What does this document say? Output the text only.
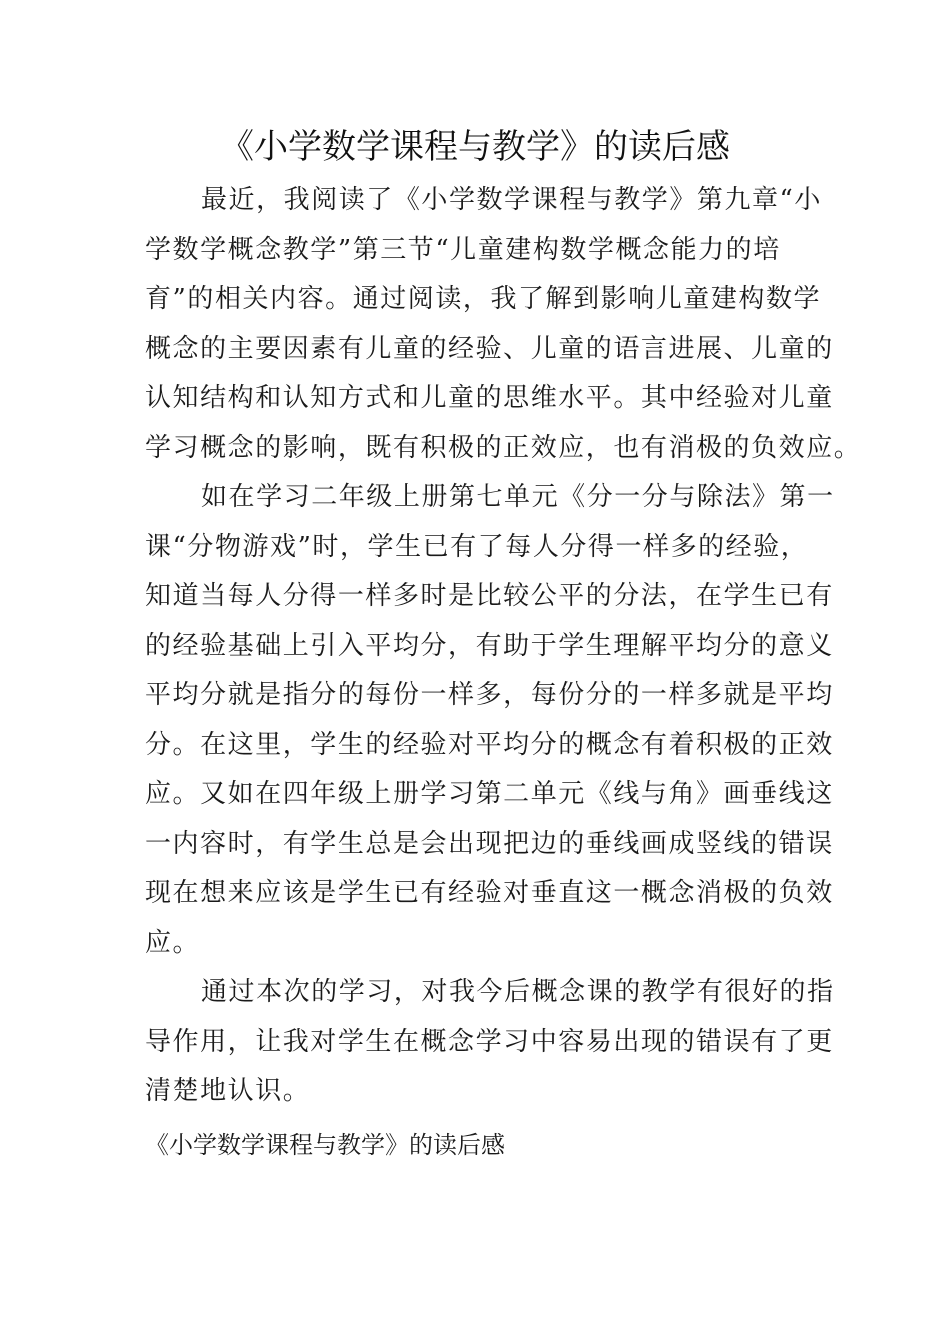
《小学数学课程与教学》的读后感

最近，我阅读了《小学数学课程与教学》第九章“小
学数学概念教学”第三节“儿童建构数学概念能力的培
育”的相关内容。通过阅读，我了解到影响儿童建构数学
概念的主要因素有儿童的经验、儿童的语言进展、儿童的
认知结构和认知方式和儿童的思维水平。其中经验对儿童
学习概念的影响，既有积极的正效应，也有消极的负效应。

如在学习二年级上册第七单元《分一分与除法》第一
课“分物游戏”时，学生已有了每人分得一样多的经验，
知道当每人分得一样多时是比较公平的分法，在学生已有
的经验基础上引入平均分，有助于学生理解平均分的意义
平均分就是指分的每份一样多，每份分的一样多就是平均
分。在这里，学生的经验对平均分的概念有着积极的正效
应。又如在四年级上册学习第二单元《线与角》画垂线这
一内容时，有学生总是会出现把边的垂线画成竖线的错误
现在想来应该是学生已有经验对垂直这一概念消极的负效
应。

通过本次的学习，对我今后概念课的教学有很好的指
导作用，让我对学生在概念学习中容易出现的错误有了更
清楚地认识。

《小学数学课程与教学》的读后感
